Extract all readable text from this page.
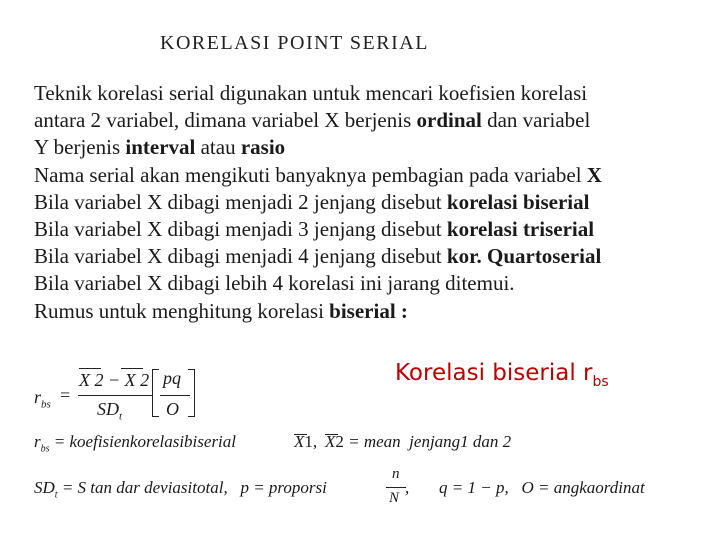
KORELASI POINT SERIAL
Teknik korelasi serial digunakan untuk mencari koefisien korelasi
antara 2 variabel, dimana variabel X berjenis ordinal dan variabel
Y berjenis interval atau rasio
Nama serial akan mengikuti banyaknya pembagian pada variabel X
Bila variabel X dibagi menjadi 2 jenjang disebut korelasi biserial
Bila variabel X dibagi menjadi 3 jenjang disebut korelasi triserial
Bila variabel X dibagi menjadi 4 jenjang disebut kor. Quartoserial
Bila variabel X dibagi lebih 4 korelasi ini jarang ditemui.
Rumus untuk menghitung korelasi biserial :
$r_{bs}$ =
X 2 − X 2
$SD_t$
pq
O
Korelasi biserial $r_{bs}$
$r_{bs}$ = koefisienkorelasibiserial	X1, X2 = mean  jenjang1 dan 2
$SD_t = S$ tan dar deviasitotal,   p = proporsi
n
N
,       q = 1 − p,   O = angkaordinat
